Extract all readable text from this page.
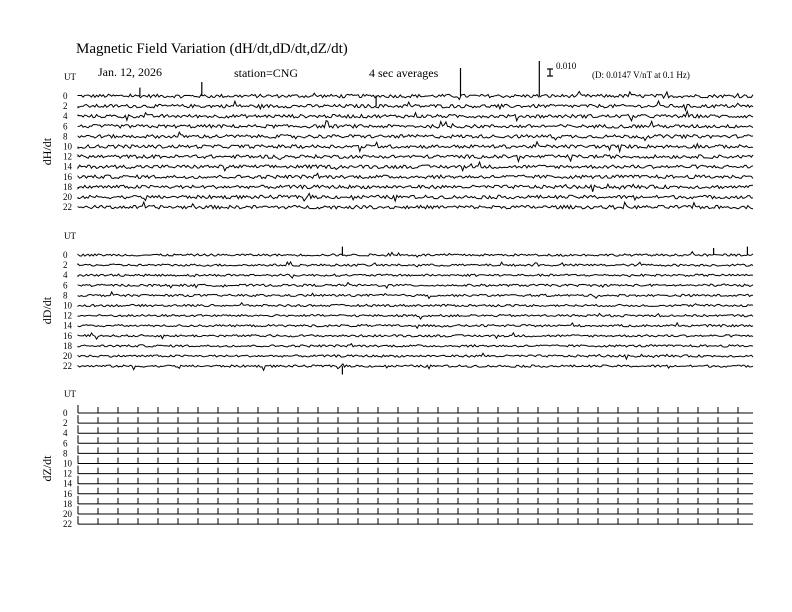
Magnetic Field Variation (dH/dt,dD/dt,dZ/dt)
Jan. 12, 2026	station=CNG	4 sec averages	0.010
(D: 0.0147 V/nT at 0.1 Hz)
UT
dH/dt
0
2
4
6
8
10
12
14
16
18
20
22
UT
dD/dt
0
2
4
6
8
10
12
14
16
18
20
22
UT
dZ/dt
0
2
4
6
8
10
12
14
16
18
20
22
